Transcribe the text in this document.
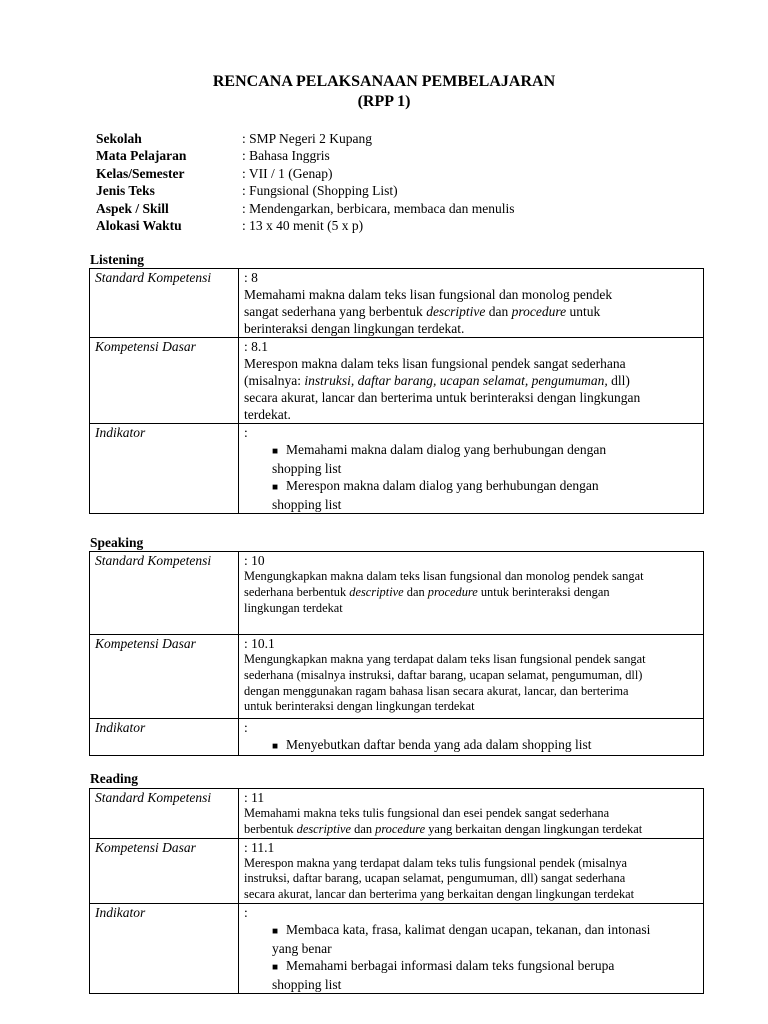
RENCANA PELAKSANAAN PEMBELAJARAN
(RPP 1)
Sekolah	: SMP Negeri 2 Kupang
Mata Pelajaran	: Bahasa Inggris
Kelas/Semester	: VII / 1 (Genap)
Jenis Teks	: Fungsional (Shopping List)
Aspek / Skill	: Mendengarkan, berbicara, membaca dan menulis
Alokasi Waktu	: 13 x 40 menit (5 x p)
Listening
Standard Kompetensi	: 8
Memahami makna dalam teks lisan fungsional dan monolog pendek
sangat sederhana yang berbentuk descriptive dan procedure untuk
berinteraksi dengan lingkungan terdekat.

Kompetensi Dasar	: 8.1
Merespon makna dalam teks lisan fungsional pendek sangat sederhana
(misalnya: instruksi, daftar barang, ucapan selamat, pengumuman, dll)
secara akurat, lancar dan berterima untuk berinteraksi dengan lingkungan
terdekat.

Indikator	:
■ Memahami makna dalam dialog yang berhubungan dengan
shopping list
■ Merespon makna dalam dialog yang berhubungan dengan
shopping list
Speaking
Standard Kompetensi	: 10
Mengungkapkan makna dalam teks lisan fungsional dan monolog pendek sangat
sederhana berbentuk descriptive dan procedure untuk berinteraksi dengan
lingkungan terdekat

Kompetensi Dasar	: 10.1
Mengungkapkan makna yang terdapat dalam teks lisan fungsional pendek sangat
sederhana (misalnya instruksi, daftar barang, ucapan selamat, pengumuman, dll)
dengan menggunakan ragam bahasa lisan secara akurat, lancar, dan berterima
untuk berinteraksi dengan lingkungan terdekat

Indikator	:
■ Menyebutkan daftar benda yang ada dalam shopping list
Reading
Standard Kompetensi	: 11
Memahami makna teks tulis fungsional dan esei pendek sangat sederhana
berbentuk descriptive dan procedure yang berkaitan dengan lingkungan terdekat

Kompetensi Dasar	: 11.1
Merespon makna yang terdapat dalam teks tulis fungsional pendek (misalnya
instruksi, daftar barang, ucapan selamat, pengumuman, dll) sangat sederhana
secara akurat, lancar dan berterima yang berkaitan dengan lingkungan terdekat

Indikator	:
■ Membaca kata, frasa, kalimat dengan ucapan, tekanan, dan intonasi
yang benar
■ Memahami berbagai informasi dalam teks fungsional berupa
shopping list
